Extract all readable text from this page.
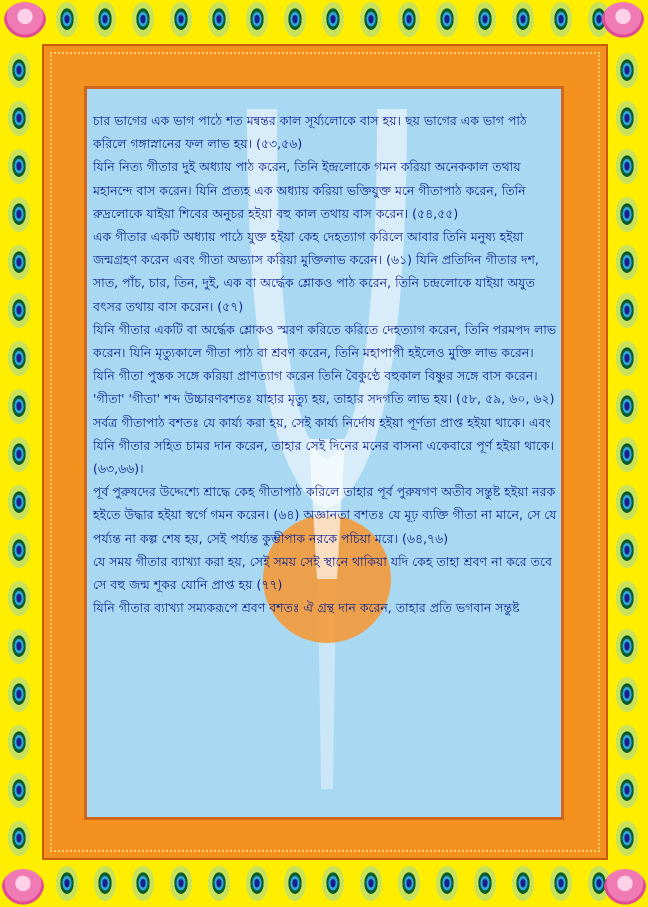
চার ভাগের এক ভাগ পাঠে শত মন্বন্তর কাল সূর্য্যলোকে বাস হয়। ছয় ভাগের এক ভাগ পাঠ করিলে গঙ্গাস্নানের ফল লাভ হয়। (৫৩,৫৬)

যিনি নিত্য গীতার দুই অধ্যায় পাঠ করেন, তিনি ইন্দ্রলোকে গমন করিয়া অনেককাল তথায় মহানন্দে বাস করেন। যিনি প্রত্যহ এক অধ্যায় করিয়া ভক্তিযুক্ত মনে গীতাপাঠ করেন, তিনি রুদ্রলোকে যাইয়া শিবের অনুচর হইয়া বহু কাল তথায় বাস করেন। (৫৪,৫৫)

এক গীতার একটি অধ্যায় পাঠে যুক্ত হইয়া কেহ দেহত্যাগ করিলে আবার তিনি মনুষ্য হইয়া জন্মগ্রহণ করেন এবং গীতা অভ্যাস করিয়া মুক্তিলাভ করেন। (৬১) যিনি প্রতিদিন গীতার দশ, সাত, পাঁচ, চার, তিন, দুই, এক বা অর্দ্ধেক শ্লোকও পাঠ করেন, তিনি চন্দ্রলোকে যাইয়া অযুত বৎসর তথায় বাস করেন। (৫৭)

যিনি গীতার একটি বা অর্দ্ধেক শ্লোকও স্মরণ করিতে করিতে দেহত্যাগ করেন, তিনি পরমপদ লাভ করেন। যিনি মৃত্যুকালে গীতা পাঠ বা শ্রবণ করেন, তিনি মহাপাপী হইলেও মুক্তি লাভ করেন। যিনি গীতা পুস্তক সঙ্গে করিয়া প্রাণত্যাগ করেন তিনি বৈকুণ্ঠে বহুকাল বিষ্ণুর সঙ্গে বাস করেন। 'গীতা' 'গীতা' শব্দ উচ্চারণবশতঃ যাহার মৃত্যু হয়, তাহার সদগতি লাভ হয়। (৫৮, ৫৯, ৬০, ৬২)

সর্বত্র গীতাপাঠ বশতঃ যে কার্য্য করা হয়, সেই কার্য্য নির্দোষ হইয়া পূর্ণতা প্রাপ্ত হইয়া থাকে। এবং যিনি গীতার সহিত চামর দান করেন, তাহার সেই দিনের মনের বাসনা একেবারে পূর্ণ হইয়া থাকে। (৬৩,৬৬)।

পূর্ব পুরুষদের উদ্দেশ্যে শ্রাদ্ধে কেহ গীতাপাঠ করিলে তাহার পূর্ব পুরুষগণ অতীব সন্তুষ্ট হইয়া নরক হইতে উদ্ধার হইয়া স্বর্গে গমন করেন। (৬৪) অজ্ঞানতা বশতঃ যে মূঢ় ব্যক্তি গীতা না মানে, সে যে পর্য্যন্ত না কল্প শেষ হয়, সেই পর্য্যন্ত কুম্ভীপাক নরকে পচিয়া মরে। (৬৪,৭৬)

যে সময় গীতার ব্যাখ্যা করা হয়, সেই সময় সেই স্থানে থাকিয়া যদি কেহ তাহা শ্রবণ না করে তবে সে বহু জন্ম শূকর যোনি প্রাপ্ত হয় (৭৭)

যিনি গীতার ব্যাখ্যা সম্যকরূপে শ্রবণ বশতঃ ঐ গ্রন্থ দান করেন, তাহার প্রতি ভগবান সন্তুষ্ট
